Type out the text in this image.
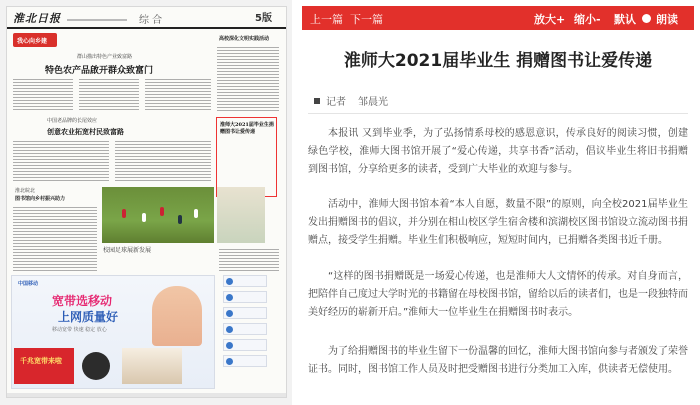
淮北日报	综 合	5版
我心向乡建
群山描出特色产业致富路
特色农产品啟开群众致富门
中国老品牌的长尾效应
创意农业拓宽村民致富路
淮北皖北
图书馆向乡村振兴助力
高校深化文明实践活动
淮师大2021届毕业生捐赠图书让爱传递
校园足球展新发展
中国移动
宽带选移动
上网质量好
移动宽带 快速 稳定 放心
千兆宽带来啦
上一篇 下一篇	放大+ 缩小- 默认 朗读
淮师大2021届毕业生 捐赠图书让爱传递
记者 邹晨光

本报讯 又到毕业季，为了弘扬情系母校的感恩意识，传承良好的阅读习惯，创建绿色学校，淮师大图书馆开展了“爱心传递，共享书香”活动，倡议毕业生将旧书捐赠到图书馆，分享给更多的读者，受到广大毕业的欢迎与参与。

活动中，淮师大图书馆本着“本人自愿，数量不限”的原则，向全校2021届毕业生发出捐赠图书的倡议，并分别在相山校区学生宿舍楼和滨湖校区图书馆设立流动图书捐赠点，接受学生捐赠。毕业生们积极响应，短短时间内，已捐赠各类图书近千册。

“这样的图书捐赠既是一场爱心传递，也是淮师大人文情怀的传承。对自身而言，把陪伴自己度过大学时光的书籍留在母校图书馆，留给以后的读者们，也是一段独特而美好经历的崭新开启。”淮师大一位毕业生在捐赠图书时表示。

为了给捐赠图书的毕业生留下一份温馨的回忆，淮师大图书馆向参与者颁发了荣誉证书。同时，图书馆工作人员及时把受赠图书进行分类加工入库，供读者无偿使用。
